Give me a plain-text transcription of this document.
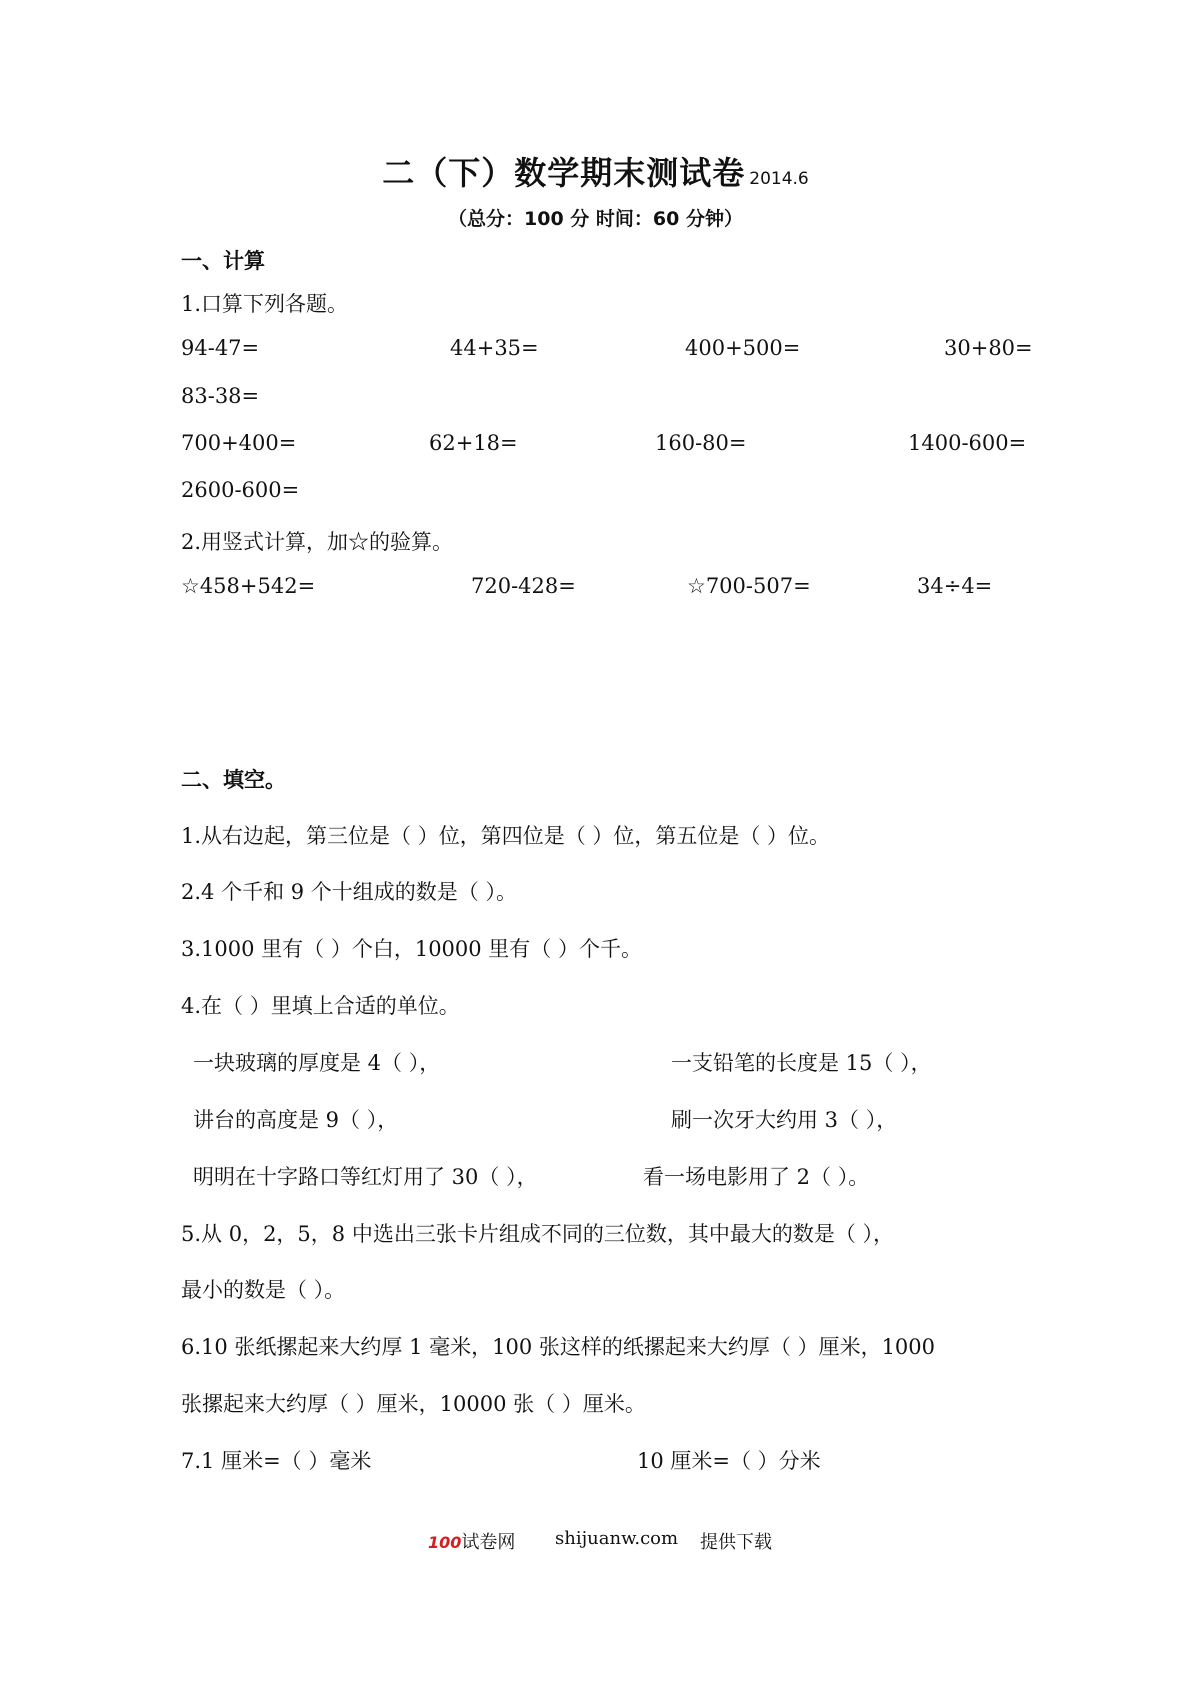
二（下）数学期末测试卷 2014.6
（总分：100 分 时间：60 分钟）
一、计算
1.口算下列各题。
94-47=	44+35=	400+500=	30+80=
83-38=
700+400=	62+18=	160-80=	1400-600=
2600-600=
2.用竖式计算，加☆的验算。
☆458+542=	720-428=	☆700-507=	34÷4=
二、填空。
1.从右边起，第三位是（ ）位，第四位是（ ）位，第五位是（ ）位。
2.4 个千和 9 个十组成的数是（ ）。
3.1000 里有（ ）个白，10000 里有（ ）个千。
4.在（ ）里填上合适的单位。
一块玻璃的厚度是 4（ ），	一支铅笔的长度是 15（ ），
讲台的高度是 9（ ），	刷一次牙大约用 3（ ），
明明在十字路口等红灯用了 30（ ），	看一场电影用了 2（ ）。
5.从 0，2，5，8 中选出三张卡片组成不同的三位数，其中最大的数是（ ），
最小的数是（ ）。
6.10 张纸摞起来大约厚 1 毫米，100 张这样的纸摞起来大约厚（ ）厘米，1000
张摞起来大约厚（ ）厘米，10000 张（ ）厘米。
7.1 厘米=（ ）毫米	10 厘米=（ ）分米
100试卷网 shijuanw.com 提供下载
